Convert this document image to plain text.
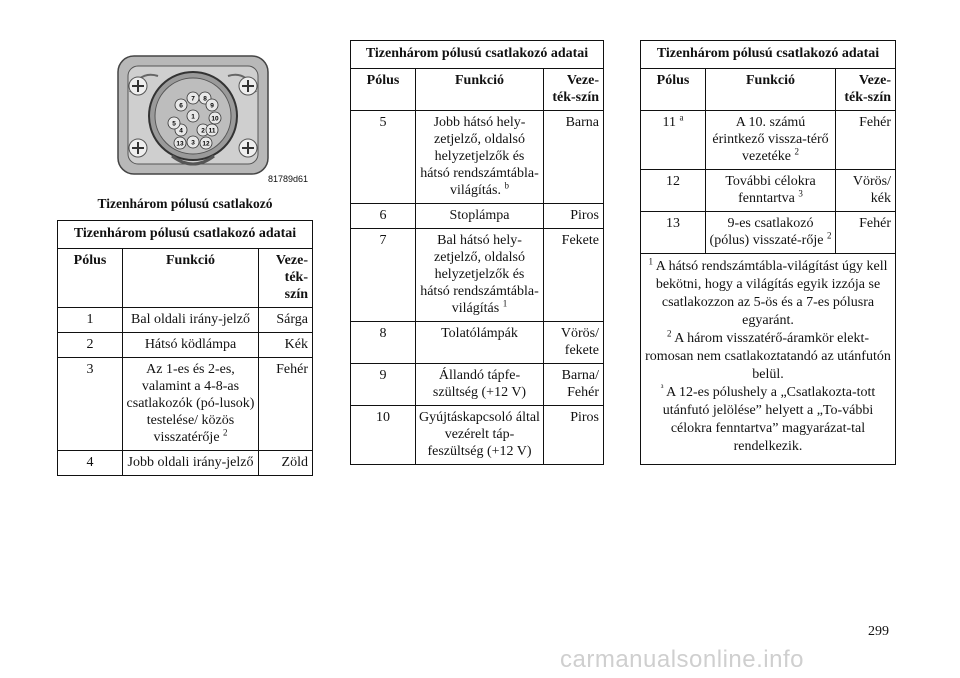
1
2
3
4
5
6
7 8
9
10
11
12
13
81789d61
Tizenhárom pólusú csatlakozó
Tizenhárom pólusú csatlakozó adatai		
Pólus	Funkció	Veze-ték-szín
1	Bal oldali irány-jelző	Sárga
2	Hátsó ködlámpa	Kék
3	Az 1-es és 2-es, valamint a 4-8-as csatlakozók (pó-lusok) testelése/ közös visszatérője $^2$	Fehér
4	Jobb oldali irány-jelző	Zöld
Tizenhárom pólusú csatlakozó adatai		
Pólus	Funkció	Veze-ték-szín
5	Jobb hátsó hely-zetjelző, oldalsó helyzetjelzők és hátsó rendszámtábla-világítás. $^b$	Barna
6	Stoplámpa	Piros
7	Bal hátsó hely-zetjelző, oldalsó helyzetjelzők és hátsó rendszámtábla-világítás $^1$	Fekete
8	Tolatólámpák	Vörös/ fekete
9	Állandó tápfe-szültség (+12 V)	Barna/ Fehér
10	Gyújtáskapcsoló által vezérelt táp-feszültség (+12 V)	Piros
Tizenhárom pólusú csatlakozó adatai		
Pólus	Funkció	Veze-ték-szín
11 $^a$	A 10. számú érintkező vissza-térő vezetéke $^2$	Fehér
12	További célokra fenntartva $^3$	Vörös/ kék
13	9-es csatlakozó (pólus) visszaté-rője $^2$	Fehér

$^1$ A hátsó rendszámtábla-világítást úgy kell bekötni, hogy a világítás egyik izzója se csatlakozzon az 5-ös és a 7-es pólusra egyaránt.

$^2$ A három visszatérő-áramkör elekt-romosan nem csatlakoztatandó az utánfutón belül.

$^{^3}$ A 12-es pólushely a „Csatlakozta-tott utánfutó jelölése” helyett a „To-vábbi célokra fenntartva” magyarázat-tal rendelkezik.		

299
carmanualsonline.info
